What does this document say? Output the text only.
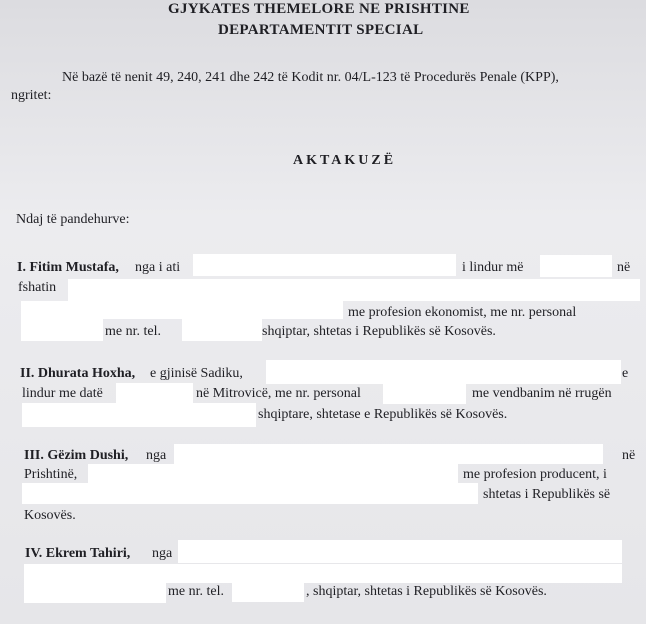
GJYKATES THEMELORE NE PRISHTINE
DEPARTAMENTIT SPECIAL
Në bazë të nenit 49, 240, 241 dhe 242 të Kodit nr. 04/L-123 të Procedurës Penale (KPP),
ngritet:
AKTAKUZË
Ndaj të pandehurve:
I. Fitim Mustafa, nga i ati	i lindur më	në
fshatin
me profesion ekonomist, me nr. personal
me nr. tel.	shqiptar, shtetas i Republikës së Kosovës.
II. Dhurata Hoxha, e gjinisë Sadiku,	e
lindur me datë	në Mitrovicë, me nr. personal	me vendbanim në rrugën
shqiptare, shtetase e Republikës së Kosovës.
III. Gëzim Dushi, nga	në
Prishtinë,	me profesion producent, i
shtetas i Republikës së
Kosovës.
IV. Ekrem Tahiri, nga
me nr. tel.	, shqiptar, shtetas i Republikës së Kosovës.
